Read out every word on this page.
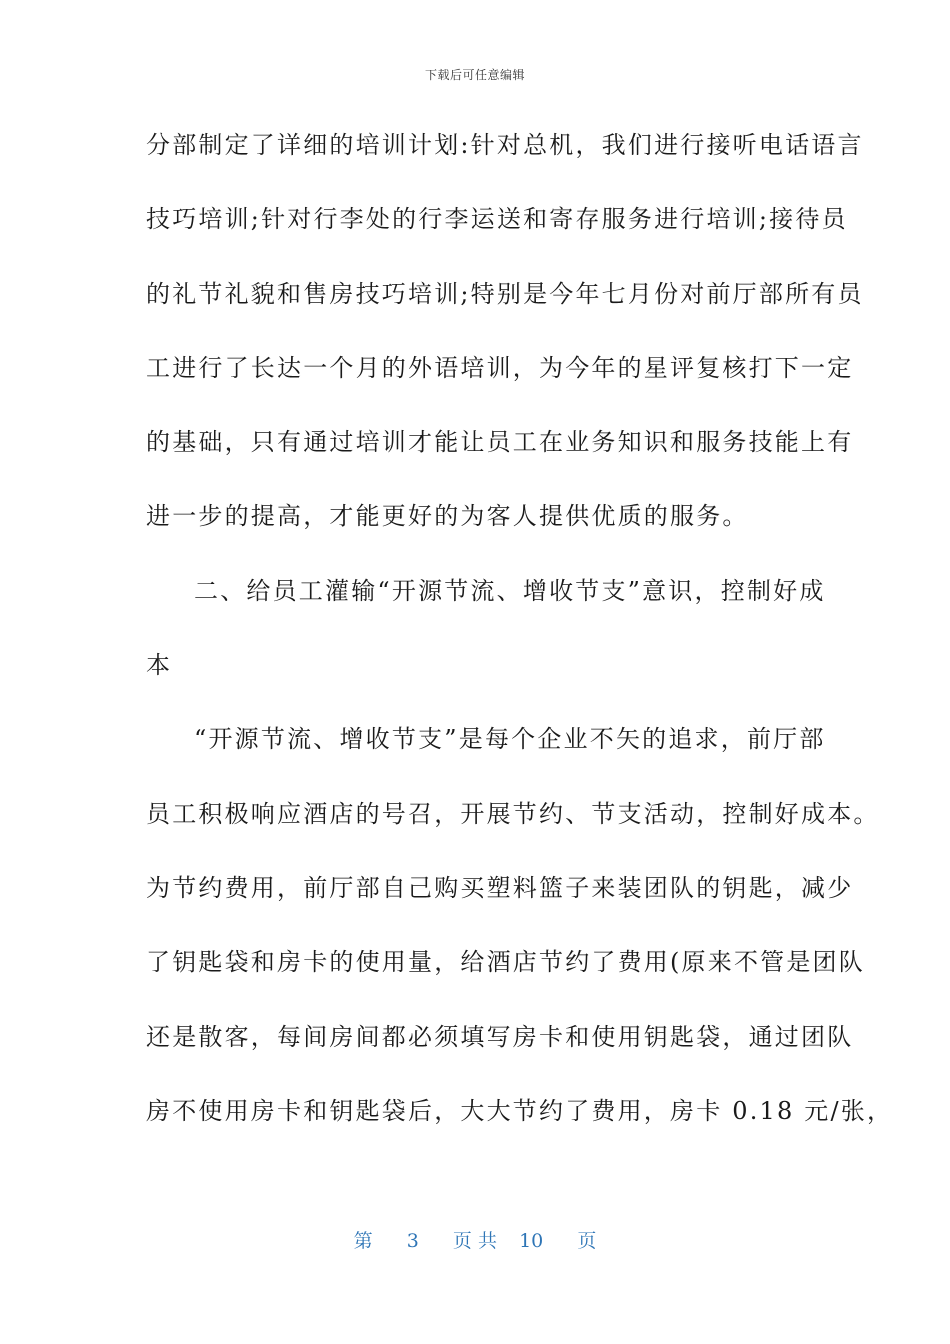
下载后可任意编辑
分部制定了详细的培训计划:针对总机，我们进行接听电话语言
技巧培训;针对行李处的行李运送和寄存服务进行培训;接待员
的礼节礼貌和售房技巧培训;特别是今年七月份对前厅部所有员
工进行了长达一个月的外语培训，为今年的星评复核打下一定
的基础，只有通过培训才能让员工在业务知识和服务技能上有
进一步的提高，才能更好的为客人提供优质的服务。
二、给员工灌输“开源节流、增收节支”意识，控制好成
本
“开源节流、增收节支”是每个企业不矢的追求，前厅部
员工积极响应酒店的号召，开展节约、节支活动，控制好成本。
为节约费用，前厅部自己购买塑料篮子来装团队的钥匙，减少
了钥匙袋和房卡的使用量，给酒店节约了费用(原来不管是团队
还是散客，每间房间都必须填写房卡和使用钥匙袋，通过团队
房不使用房卡和钥匙袋后，大大节约了费用，房卡 0.18 元/张，
第 3 页 共 10 页
